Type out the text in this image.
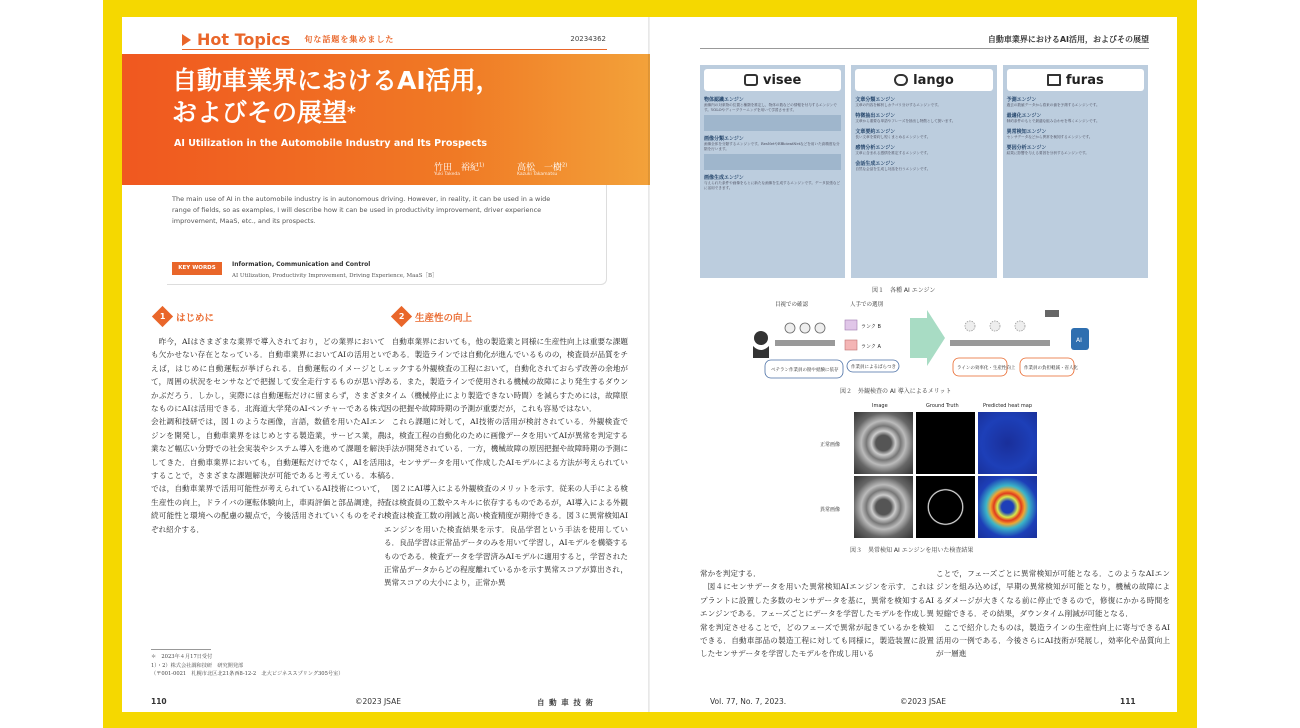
Hot Topics 旬な話題を集めました	20234362
自動車業界におけるAI活用，
およびその展望*
AI Utilization in the Automobile Industry and Its Prospects
竹田　裕紀$^{1)}$
Yuki Takeda
高松　一樹$^{2)}$
Kazuki Takamatsu
The main use of AI in the automobile industry is in autonomous driving. However, in reality, it can be used in a wide range of fields, so as examples, I will describe how it can be used in productivity improvement, driver experience improvement, MaaS, etc., and its prospects.
KEY WORDS	Information, Communication and Control
AI Utilization, Productivity Improvement, Driving Experience, MaaS［B］
1	はじめに	2	生産性の向上

昨今，AIはさまざまな業界で導入されており，どの業界においても欠かせない存在となっている．自動車業界においてAIの活用といえば，はじめに自動運転が挙げられる．自動運転のイメージとして，周囲の状況をセンサなどで把握して安全走行するものが思い浮かぶだろう．しかし，実際には自動運転だけに留まらず，さまざまなものにAIは活用できる．北海道大学発のAIベンチャーである株式会社調和技研では，図１のような画像，言語，数値を用いたAIエンジンを開発し，自動車業界をはじめとする製造業，サービス業，農業など幅広い分野での社会実装やシステム導入を進めて課題を解決してきた．自動車業界においても，自動運転だけでなく，AIを活用することで，さまざまな課題解決が可能であると考えている．本稿では，自動車業界で活用可能性が考えられているAI技術について，生産性の向上，ドライバの運転体験向上，車両評価と部品調達，持続可能性と環境への配慮の観点で，今後活用されていくものをそれぞれ紹介する．

自動車業界においても，他の製造業と同様に生産性向上は重要な課題である．製造ラインでは自動化が進んでいるものの，検査員が品質をチェックする外観検査の工程において，自動化されておらず改善の余地がある．また，製造ラインで使用される機械の故障により発生するダウンタイム（機械停止により製造できない時間）を減らすためには，故障原因の把握や故障時期の予測が重要だが，これも容易ではない．

これら課題に対して，AI技術の活用が検討されている．外観検査では，検査工程の自動化のために画像データを用いてAIが異常を判定する手法が開発されている．一方，機械故障の原因把握や故障時期の予測には，センサデータを用いて作成したAIモデルによる方法が考えられている．

図２にAI導入による外観検査のメリットを示す．従来の人手による検査は検査員の工数やスキルに依存するものであるが，AI導入による外観検査は検査工数の削減と高い検査精度が期待できる．図３に異常検知AIエンジンを用いた検査結果を示す．良品学習という手法を使用している．良品学習は正常品データのみを用いて学習し，AIモデルを構築するものである．検査データを学習済みAIモデルに適用すると，学習された正常品データからどの程度離れているかを示す異常スコアが算出され，異常スコアの大小により，正常か異

＊　2023年４月17日受付
1）・2）株式会社調和技研　研究開発部
（〒001-0021　札幌市北区北21条西8-12-2　北大ビジネススプリング305号室）
110	©2023 JSAE	自 動 車 技 術
自動車業界におけるAI活用，およびその展望
visee
物体認識エンジン
画像内の対象物の位置と種類を推定し，物体の数などの情報を付与するエンジンです。YOLOやディープラーニングを用いて学習させます。
画像分類エンジン
画像全体を分類するエンジンです。ResNetやEfficientNetなどを用いた高精度な分類を行います。
画像生成エンジン
与えられた条件や画像をもとに新たな画像を生成するエンジンです。データ拡張などに活用できます。
lango
文章分類エンジン
文章の内容を解析しカテゴリ分けするエンジンです。
特徴抽出エンジン
文章から重要な単語やフレーズを抽出し特徴として扱います。
文章要約エンジン
長い文章を要約し短くまとめるエンジンです。
感情分析エンジン
文章に含まれる感情を推定するエンジンです。
会話生成エンジン
自然な会話を生成し対話を行うエンジンです。
furas
予測エンジン
過去の数値データから将来の値を予測するエンジンです。
最適化エンジン
制約条件のもとで最適な組み合わせを導くエンジンです。
異常検知エンジン
センサデータなどから異常を検知するエンジンです。
要因分析エンジン
結果に影響を与える要因を分析するエンジンです。
図１　各種 AI エンジン
目視での確認	人手での選別
ランク B
ランク A
ベテラン作業員の勘や経験に依存
作業員によるばらつき
AI
ラインの効率化・生産性向上 作業員の負担軽減・省人化
図２　外観検査の AI 導入によるメリット
Image	Ground Truth	Predicted heat map
正常画像
異常画像
図３　異常検知 AI エンジンを用いた検査結果

常かを判定する．

図４にセンサデータを用いた異常検知AIエンジンを示す．これはプラントに設置した多数のセンサデータを基に，異常を検知するAIエンジンである．フェーズごとにデータを学習したモデルを作成し異常を判定させることで，どのフェーズで異常が起きているかを検知できる．自動車部品の製造工程に対しても同様に，製造装置に設置したセンサデータを学習したモデルを作成し用いる

ことで，フェーズごとに異常検知が可能となる．このようなAIエンジンを組み込めば，早期の異常検知が可能となり，機械の故障によるダメージが大きくなる前に停止できるので，修復にかかる時間を短縮できる．その結果，ダウンタイム削減が可能となる．

ここで紹介したものは，製造ラインの生産性向上に寄与できるAI活用の一例である．今後さらにAI技術が発展し，効率化や品質向上が一層進

Vol. 77, No. 7, 2023.	©2023 JSAE	111
